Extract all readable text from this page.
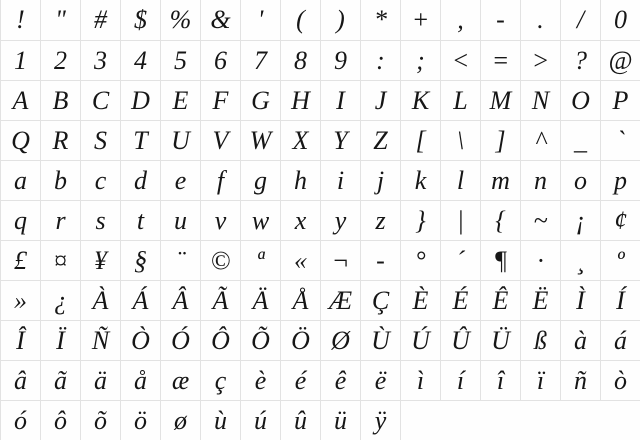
!	"	#	$ % &	'	(	)	* +	,	-	.	/	0
1	2	3	4	5	6	7	8	9	:	;	< = > ? @
A B C D E F G H	I	J K L M N O P
Q R S	T U V W X Y Z	[	\	]	^	_	`
a	b	c	d	e	f	g	h	i	j	k	l	m n	o	p
q	r	s	t	u	v w x	y	z	}	|	{	~	¡	¢
£	¤	¥	§	¨ ©	ª	« ¬	-	°	´	¶	·	¸	º
»	¿ À Á Â Ã Ä Å Æ Ç È É Ê Ë	Ì	Í
Î	Ï	Ñ Ò Ó Ô Õ Ö Ø Ù Ú Û Ü ß	à	á
â	ã	ä	å æ ç	è	é	ê	ë	ì	í	î	ï	ñ	ò
ó	ô	õ	ö	ø	ù	ú	û	ü	ÿ
